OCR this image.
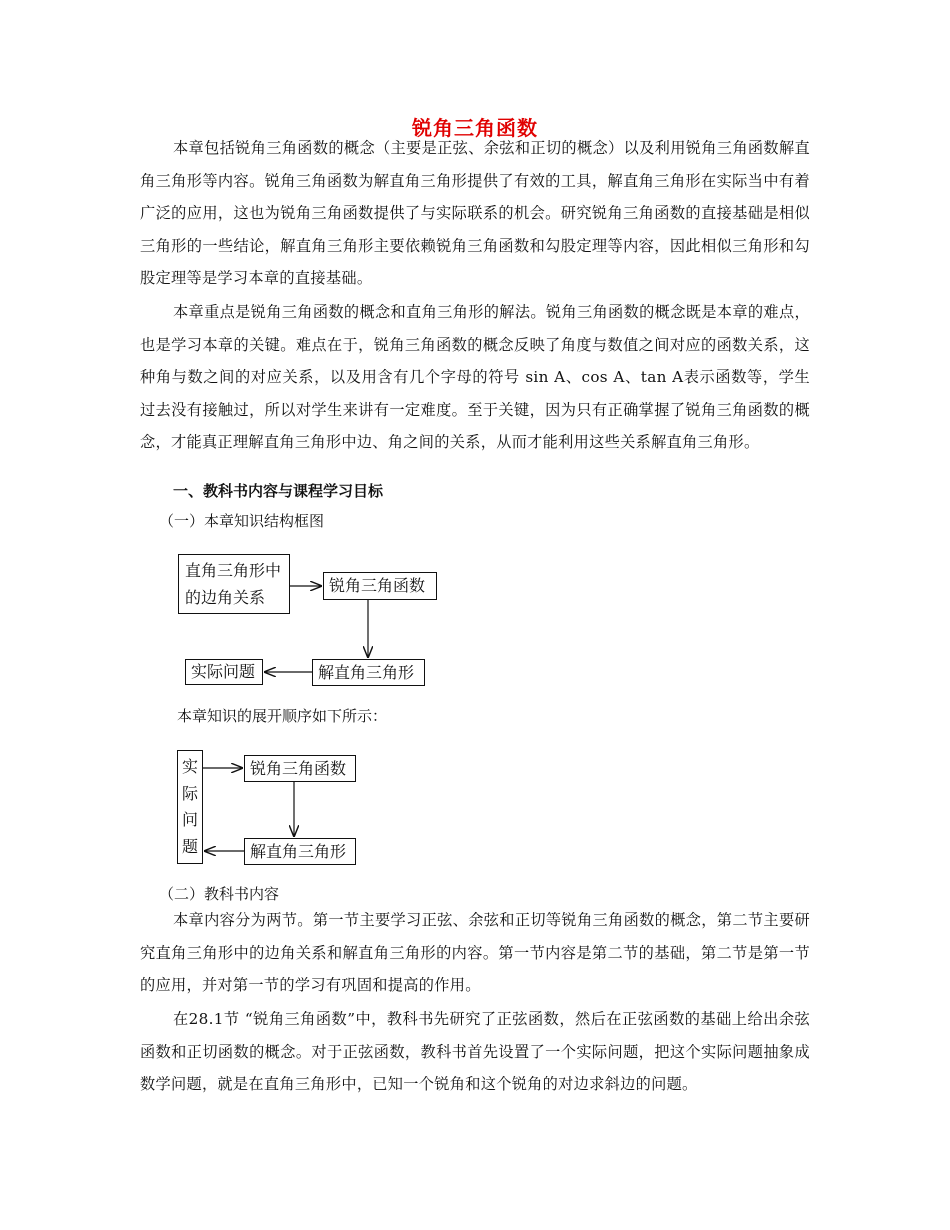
锐角三角函数

本章包括锐角三角函数的概念（主要是正弦、余弦和正切的概念）以及利用锐角三角函数解直角三角形等内容。锐角三角函数为解直角三角形提供了有效的工具，解直角三角形在实际当中有着广泛的应用，这也为锐角三角函数提供了与实际联系的机会。研究锐角三角函数的直接基础是相似三角形的一些结论，解直角三角形主要依赖锐角三角函数和勾股定理等内容，因此相似三角形和勾股定理等是学习本章的直接基础。

本章重点是锐角三角函数的概念和直角三角形的解法。锐角三角函数的概念既是本章的难点，也是学习本章的关键。难点在于，锐角三角函数的概念反映了角度与数值之间对应的函数关系，这种角与数之间的对应关系，以及用含有几个字母的符号 sin A、cos A、tan A表示函数等，学生过去没有接触过，所以对学生来讲有一定难度。至于关键，因为只有正确掌握了锐角三角函数的概念，才能真正理解直角三角形中边、角之间的关系，从而才能利用这些关系解直角三角形。

一、教科书内容与课程学习目标
（一）本章知识结构框图
直角三角形中
的边角关系
锐角三角函数
解直角三角形
实际问题
本章知识的展开顺序如下所示：
实
际
问
题
锐角三角函数
解直角三角形
（二）教科书内容

本章内容分为两节。第一节主要学习正弦、余弦和正切等锐角三角函数的概念，第二节主要研究直角三角形中的边角关系和解直角三角形的内容。第一节内容是第二节的基础，第二节是第一节的应用，并对第一节的学习有巩固和提高的作用。

在28.1节 “锐角三角函数”中，教科书先研究了正弦函数，然后在正弦函数的基础上给出余弦函数和正切函数的概念。对于正弦函数，教科书首先设置了一个实际问题，把这个实际问题抽象成数学问题，就是在直角三角形中，已知一个锐角和这个锐角的对边求斜边的问题。
